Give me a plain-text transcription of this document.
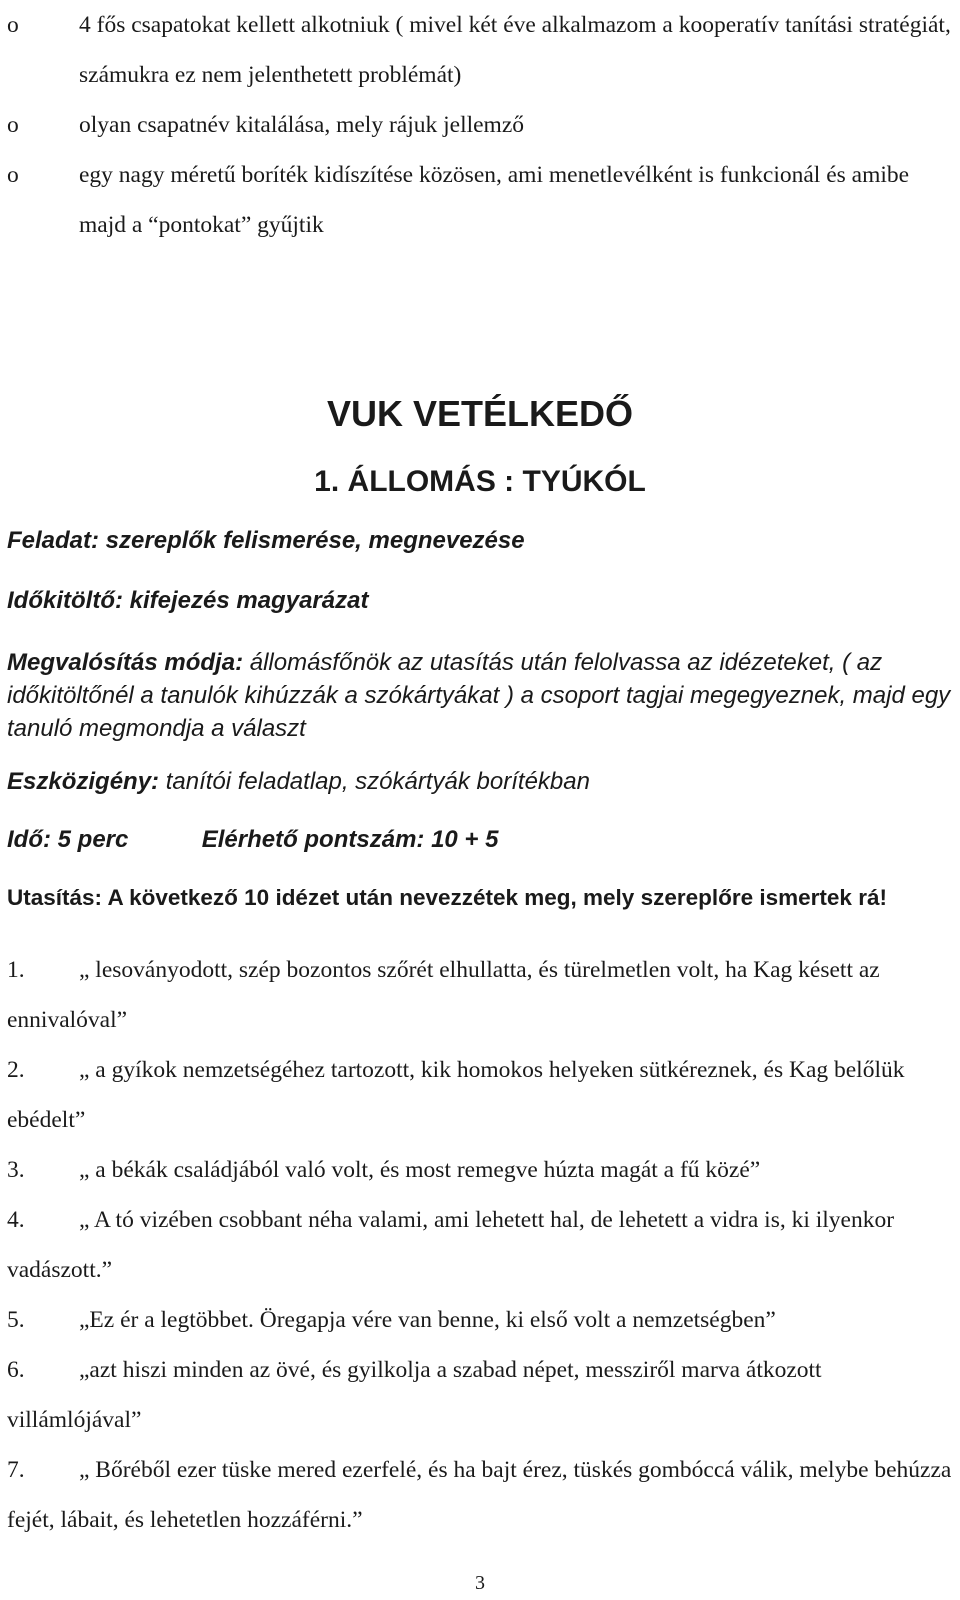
o	4 fős csapatokat kellett alkotniuk ( mivel két éve alkalmazom a kooperatív tanítási stratégiát, számukra ez nem jelenthetett problémát)
o	olyan csapatnév kitalálása, mely rájuk jellemző
o	egy nagy méretű boríték kidíszítése közösen, ami menetlevélként is funkcionál és amibe majd a “pontokat” gyűjtik
VUK VETÉLKEDŐ
1. ÁLLOMÁS : TYÚKÓL
Feladat: szereplők felismerése, megnevezése
Időkitöltő: kifejezés magyarázat
Megvalósítás módja: állomásfőnök az utasítás után felolvassa az idézeteket, ( az időkitöltőnél a tanulók kihúzzák a szókártyákat ) a csoport tagjai megegyeznek, majd egy tanuló megmondja a választ
Eszközigény: tanítói feladatlap, szókártyák borítékban
Idő: 5 perc	Elérhető pontszám: 10 + 5
Utasítás: A következő 10 idézet után nevezzétek meg, mely szereplőre ismertek rá!
1. „ lesoványodott, szép bozontos szőrét elhullatta, és türelmetlen volt, ha Kag késett az ennivalóval”
2. „ a gyíkok nemzetségéhez tartozott, kik homokos helyeken sütkéreznek, és Kag belőlük ebédelt”
3. „ a békák családjából való volt, és most remegve húzta magát a fű közé”
4. „ A tó vizében csobbant néha valami, ami lehetett hal, de lehetett a vidra is, ki ilyenkor vadászott.”
5. „Ez ér a legtöbbet. Öregapja vére van benne, ki első volt a nemzetségben”
6. „azt hiszi minden az övé, és gyilkolja a szabad népet, messziről marva átkozott villámlójával”
7. „ Bőréből ezer tüske mered ezerfelé, és ha bajt érez, tüskés gombóccá válik, melybe behúzza fejét, lábait, és lehetetlen hozzáférni.”
3
